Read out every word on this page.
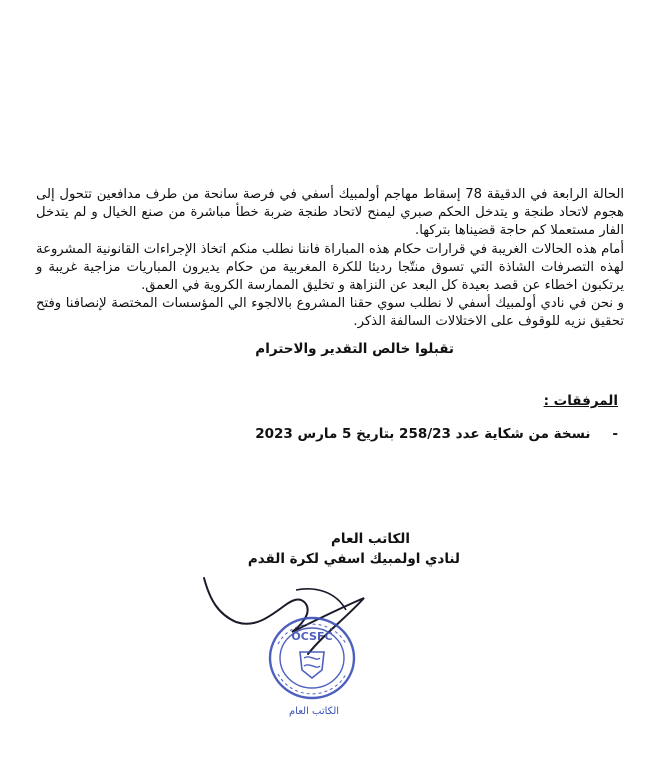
الحالة الرابعة في الدقيقة 78 إسقاط مهاجم أولمبيك أسفي في فرصة سانحة من طرف مدافعين تتحول إلى هجوم لاتحاد طنجة و يتدخل الحكم صبري ليمنح لاتحاد طنجة ضربة خطأ مباشرة من صنع الخيال و لم يتدخل الفار مستعملا كم حاجة قضيناها بتركها.

أمام هذه الحالات الغريبة في قرارات حكام هذه المباراة فاننا نطلب منكم اتخاذ الإجراءات القانونية المشروعة لهذه التصرفات الشاذة التي تسوق منتّجا رديئا للكرة المغربية من حكام يديرون المباريات مزاجية غريبة و يرتكبون اخطاء عن قصد بعيدة كل البعد عن النزاهة و تخليق الممارسة الكروية في العمق.

و نحن في نادي أولمبيك أسفي لا نطلب سوي حقنا المشروع بالالجوء الي المؤسسات المختصة لإنصافنا وفتح تحقيق نزيه للوقوف على الاختلالات السالفة الذكر.

تقبلوا خالص التقدير والاحترام
المرفقات :
-نسخة من شكاية عدد 258/23 بتاريخ 5 مارس 2023
الكاتب العام
لنادي اولمبيك اسفي لكرة القدم
OCSFC
الكاتب العام
